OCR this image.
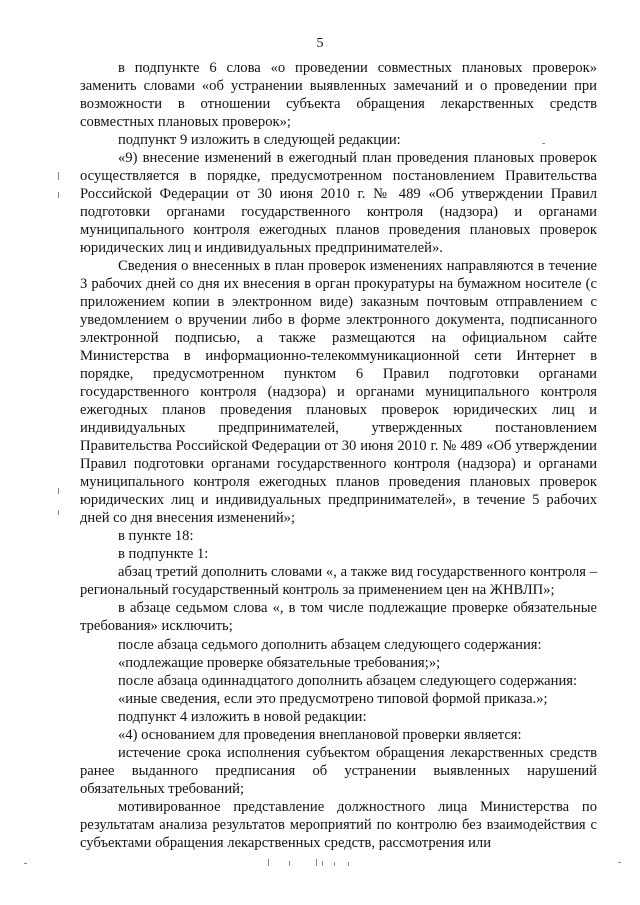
5

в подпункте 6 слова «о проведении совместных плановых проверок» заменить словами «об устранении выявленных замечаний и о проведении при возможности в отношении субъекта обращения лекарственных средств совместных плановых проверок»;

подпункт 9 изложить в следующей редакции:

«9) внесение изменений в ежегодный план проведения плановых проверок осуществляется в порядке, предусмотренном постановлением Правительства Российской Федерации от 30 июня 2010 г. № 489 «Об утверждении Правил подготовки органами государственного контроля (надзора) и органами муниципального контроля ежегодных планов проведения плановых проверок юридических лиц и индивидуальных предпринимателей».

Сведения о внесенных в план проверок изменениях направляются в течение 3 рабочих дней со дня их внесения в орган прокуратуры на бумажном носителе (с приложением копии в электронном виде) заказным почтовым отправлением с уведомлением о вручении либо в форме электронного документа, подписанного электронной подписью, а также размещаются на официальном сайте Министерства в информационно-телекоммуникационной сети Интернет в порядке, предусмотренном пунктом 6 Правил подготовки органами государственного контроля (надзора) и органами муниципального контроля ежегодных планов проведения плановых проверок юридических лиц и индивидуальных предпринимателей, утвержденных постановлением Правительства Российской Федерации от 30 июня 2010 г. № 489 «Об утверждении Правил подготовки органами государственного контроля (надзора) и органами муниципального контроля ежегодных планов проведения плановых проверок юридических лиц и индивидуальных предпринимателей», в течение 5 рабочих дней со дня внесения изменений»;

в пункте 18:

в подпункте 1:

абзац третий дополнить словами «, а также вид государственного контроля – региональный государственный контроль за применением цен на ЖНВЛП»;

в абзаце седьмом слова «, в том числе подлежащие проверке обязательные требования» исключить;

после абзаца седьмого дополнить абзацем следующего содержания:

«подлежащие проверке обязательные требования;»;

после абзаца одиннадцатого дополнить абзацем следующего содержания:

«иные сведения, если это предусмотрено типовой формой приказа.»;

подпункт 4 изложить в новой редакции:

«4) основанием для проведения внеплановой проверки является:

истечение срока исполнения субъектом обращения лекарственных средств ранее выданного предписания об устранении выявленных нарушений обязательных требований;

мотивированное представление должностного лица Министерства по результатам анализа результатов мероприятий по контролю без взаимодействия с субъектами обращения лекарственных средств, рассмотрения или
